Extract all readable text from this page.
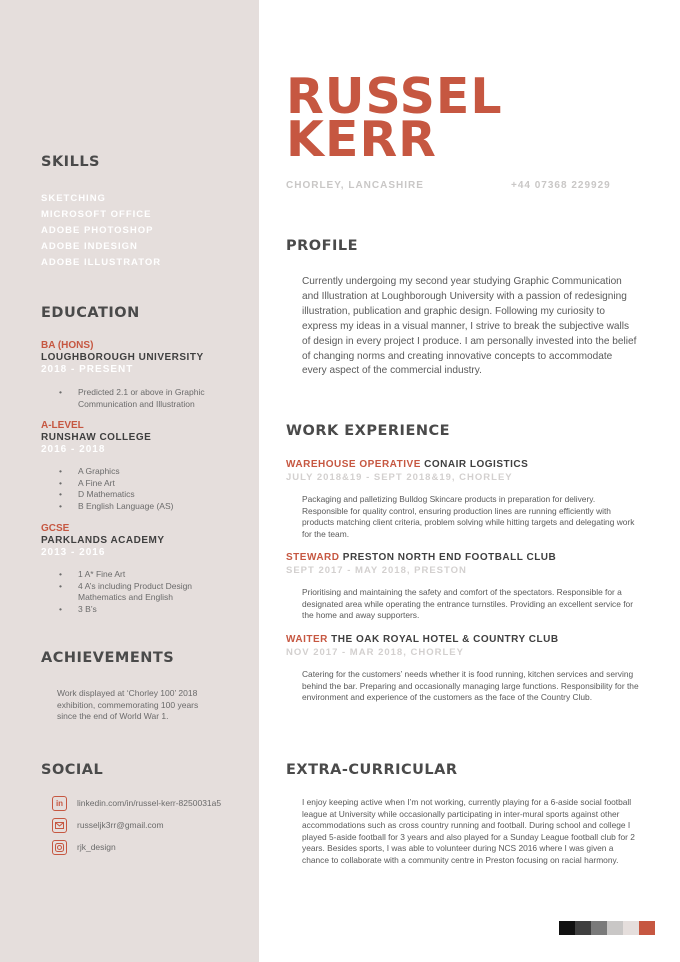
RUSSEL
KERR
CHORLEY, LANCASHIRE	+44 07368 229929
SKILLS
SKETCHING
MICROSOFT OFFICE
ADOBE PHOTOSHOP
ADOBE INDESIGN
ADOBE ILLUSTRATOR
EDUCATION
BA (HONS)
LOUGHBOROUGH UNIVERSITY
2018 - PRESENT
• Predicted 2.1 or above in Graphic Communication and Illustration
A-LEVEL
RUNSHAW COLLEGE
2016 - 2018
• A Graphics
• A Fine Art
• D Mathematics
• B English Language (AS)
GCSE
PARKLANDS ACADEMY
2013 - 2016
• 1 A* Fine Art
• 4 A’s including Product Design Mathematics and English
• 3 B’s
ACHIEVEMENTS
Work displayed at ‘Chorley 100’ 2018 exhibition, commemorating 100 years since the end of World War 1.
SOCIAL
in	linkedin.com/in/russel-kerr-8250031a5
russeljk3rr@gmail.com
rjk_design
PROFILE
Currently undergoing my second year studying Graphic Communication and Illustration at Loughborough University with a passion of redesigning illustration, publication and graphic design. Following my curiosity to express my ideas in a visual manner, I strive to break the subjective walls of design in every project I produce. I am personally invested into the belief of changing norms and creating innovative concepts to accommodate every aspect of the commercial industry.
WORK EXPERIENCE
WAREHOUSE OPERATIVE CONAIR LOGISTICS
JULY 2018&19 - SEPT 2018&19, CHORLEY
Packaging and palletizing Bulldog Skincare products in preparation for delivery. Responsible for quality control, ensuring production lines are running efficiently with products matching client criteria, problem solving while hitting targets and delegating work for the team.
STEWARD PRESTON NORTH END FOOTBALL CLUB
SEPT 2017 - MAY 2018, PRESTON
Prioritising and maintaining the safety and comfort of the spectators. Responsible for a designated area while operating the entrance turnstiles. Providing an excellent service for the home and away supporters.
WAITER THE OAK ROYAL HOTEL & COUNTRY CLUB
NOV 2017 - MAR 2018, CHORLEY
Catering for the customers’ needs whether it is food running, kitchen services and serving behind the bar. Preparing and occasionally managing large functions. Responsibility for the environment and experience of the customers as the face of the Country Club.
EXTRA-CURRICULAR
I enjoy keeping active when I’m not working, currently playing for a 6-aside social football league at University while occasionally participating in inter-mural sports against other accommodations such as cross country running and football. During school and college I played 5-aside football for 3 years and also played for a Sunday League football club for 2 years. Besides sports, I was able to volunteer during NCS 2016 where I was given a chance to collaborate with a community centre in Preston focusing on racial harmony.
